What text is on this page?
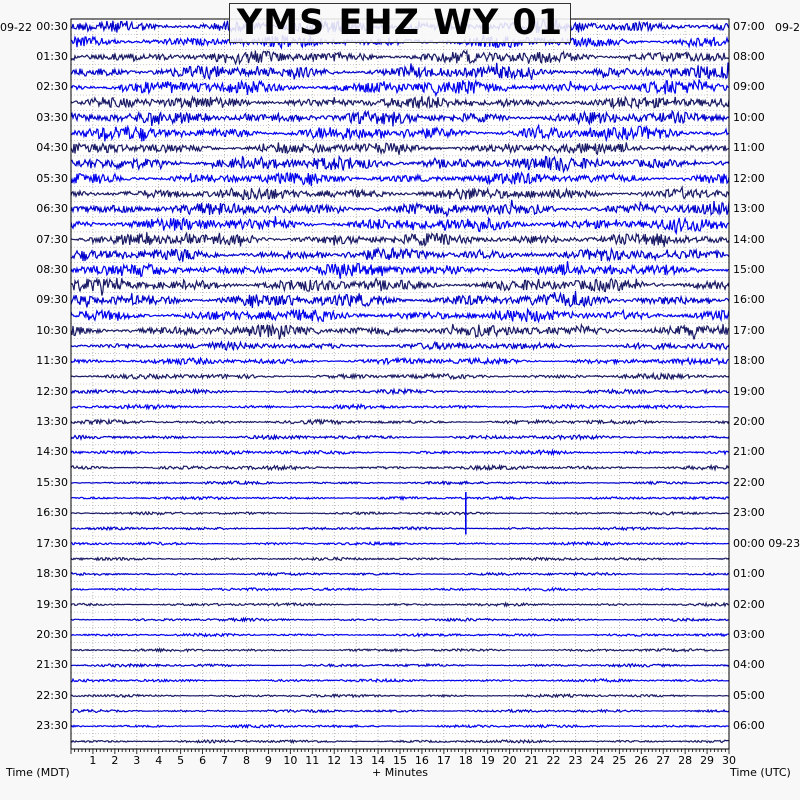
YMS EHZ WY 01
09-22	09-2
00:30
01:30
02:30
03:30
04:30
05:30
06:30
07:30
08:30
09:30
10:30
11:30
12:30
13:30
14:30
15:30
16:30
17:30
18:30
19:30
20:30
21:30
22:30
23:30
07:00
08:00
09:00
10:00
11:00
12:00
13:00
14:00
15:00
16:00
17:00
18:00
19:00
20:00
21:00
22:00
23:00
00:00 09-23
01:00
02:00
03:00
04:00
05:00
06:00
1	2	3	4	5	6	7	8	9	10 11 12 13 14 15 16 17 18 19 20 21 22 23 24 25 26 27 28 29 30
Time (MDT)	+ Minutes	Time (UTC)
